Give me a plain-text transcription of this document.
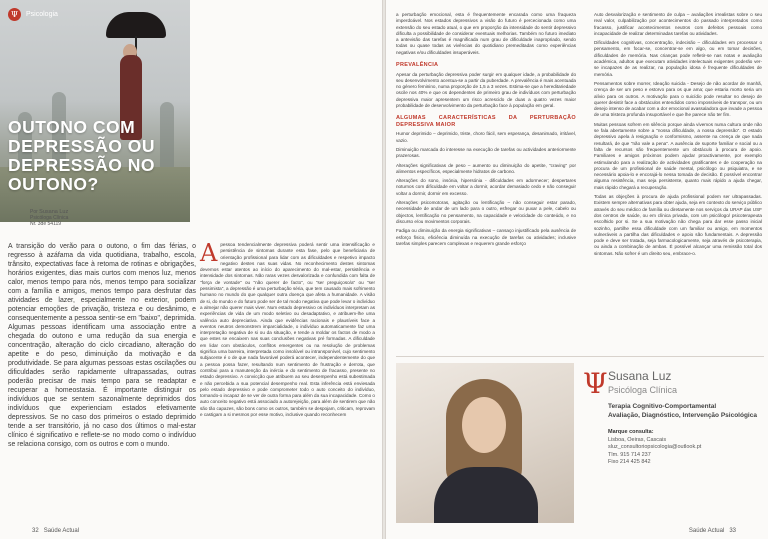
Ψ	Psicologia
OUTONO COM DEPRESSÃO OU DEPRESSÃO NO OUTONO?
Por Susana Luz
Psicóloga Clínica
Nr. 3de 54119
A transição do verão para o outono, o fim das férias, o regresso à azáfama da vida quotidiana, trabalho, escola, trânsito, expectativas face à retoma de rotinas e obrigações, horários exigentes, dias mais curtos com menos luz, menos calor, menos tempo para nós, menos tempo para socializar com a família e amigos, menos tempo para desfrutar das atividades de lazer, especialmente no exterior, podem potenciar emoções de privação, tristeza e ou desânimo, e consequentemente a pessoa sentir-se em "baixo", deprimida. Algumas pessoas identificam uma associação entre a chegada do outono e uma redução da sua energia e concentração, alteração do ciclo circadiano, alteração do apetite e do peso, diminuição da motivação e da produtividade. Se para algumas pessoas estas oscilações ou dificuldades serão rapidamente ultrapassadas, outras poderão precisar de mais tempo para se readaptar e recuperar a homeostasia. É importante distinguir os indivíduos que se sentem sazonalmente deprimidos dos indivíduos que experienciam estados efetivamente depressivos. Se no caso dos primeiros o estado deprimido tende a ser transitório, já no caso dos últimos o mal-estar clínico é significativo e reflete-se no modo como o indivíduo se relaciona consigo, com os outros e com o mundo.
A pessoa tendencialmente depressiva poderá sentir uma intensificação e persistência de sintomas durante esta fase, pelo que beneficiaria de orientação profissional para lidar com as dificuldades e respetivo impacto negativo destes nas suas vidas. No reconhecimento destes sintomas devemos estar atentos ao início do aparecimento do mal-estar, persistência e intensidade dos sintomas. Não raras vezes desvalorizada e confundida com falta de "força de vontade" ou "não querer de facto", ou "ser preguiçoso/a" ou "ser pessimista", a depressão é uma perturbação séria, que tem causado mais sofrimento humano no mundo do que qualquer outra doença que afeta a humanidade. A visão de si, do mundo e do futuro pode ser de tal modo negativa que pode levar o indivíduo a almejar não querer mais viver. Num estado depressivo os indivíduos interpretam as experiências de vida de um modo seletivo ou desadaptativo, e atribuem-lhe uma valência auto depreciativa. Ainda que evidências racionais e plausíveis face a eventos neutros demonstrem imparcialidade, o indivíduo automaticamente faz uma interpretação negativa de si ou da situação, e tende a moldar os factos de modo a que estes se encaixem nas suas conclusões negativas pré formadas. A dificuldade em lidar com obstáculos, conflitos emergentes ou na resolução de problemas significa uma barreira, interpretada como insolúvel ou intransponível, cujo sentimento subjacente é o de que nada favorável poderá acontecer, independentemente do que a pessoa possa fazer, resultando num sentimento de frustração e derrota, que contribui para a manutenção da inércia e do sentimento de fracasso, presente no estado depressivo. A convicção que atribuem ao seu desempenho está subestimada e não percebida a sua potencial desempenho real. Esta inferência está enviesada pelo estado depressivo e pode comprometer todo o auto conceito do indivíduo, tornando-o incapaz de se ver de outra forma para além da sua incapacidade. Como o auto conceito negativo está associado a autorejeição, para além de sentirem que não são tão capazes, são bons como os outros, também se despojam, criticam, reprovam e castigam a si mesmos por esse motivo, inclusive quando reconhecem
32 Saúde Actual

a perturbação emocional, esta é frequentemente encarada como uma fraqueza imperdoável. Nos estados depressivos a visão do futuro é percecionada como uma extensão do seu estado atual, o que em proporção da intensidade do sentir depressivo dificulta a possibilidade de considerar eventuais melhorias. Também no futuro imediato a antevisão das tarefas é magnificada num grau de dificuldade inapropriado, sendo todas ou quase todas as vivências do quotidiano premeditadas como experiências negativas e/ou dificuldades insuperáveis.

PREVALÊNCIA

Apesar da perturbação depressiva poder surgir em qualquer idade, a probabilidade do seu desenvolvimento acentua-se a partir da puberdade. A prevalência é mais acentuada no género feminino, numa proporção de 1,5 a 3 vezes. Estima-se que a hereditariedade oscile nos 40% e que os dependentes de primeiro grau de indivíduos com perturbação depressiva maior apresentem um risco acrescido de duas a quatro vezes maior probabilidade de desenvolvimento da perturbação face à população em geral.

ALGUMAS CARACTERÍSTICAS DA PERTURBAÇÃO DEPRESSIVA MAIOR

Humor deprimido – deprimido, triste, choro fácil, sem esperança, desanimado, irritável, vazio.

Diminuição marcada do interesse na execução de tarefas ou actividades anteriormente prazerosas.

Alterações significativas de peso – aumento ou diminuição do apetite, "craving" por alimentos específicos, especialmente hidratos de carbono.

Alterações do sono, insónia, hipersónia - dificuldades em adormecer; despertares noturnos com dificuldade em voltar a dormir, acordar demasiado cedo e não conseguir voltar a dormir, dormir em excesso.

Alterações psicomotoras, agitação ou lentificação – não conseguir estar parado, necessidade de andar de um lado para o outro, esfregar ou puxar a pele, cabelo ou objectos, lentificação no pensamento, na capacidade e velocidade do conteúdo, e no discurso e/ou movimentos corporais.

Fadiga ou diminuição da energia significativas – cansaço injustificado pela ausência de esforço físico, eficiência diminuída na execução de tarefas ou atividades; inclusive tarefas simples parecem complexas e requerem grande esforço

Auto desvalorização e sentimento de culpa – avaliações irrealistas sobre o seu real valor, culpabilização por acontecimentos do passado interpretados como fracasso, justificar acontecimentos neutros com defeitos pessoais como incapacidade de realizar determinadas tarefas ou atividades.

Dificuldades cognitivas, concentração, indecisão – dificuldades em processar o pensamento, em focar-se, concentrar-se em algo, ou em tomar decisões, dificuldades de memória. Nas crianças pode refletir-se nas notas e avaliação académica, adultos que executam atividades intelectuais exigentes poderão ver-se incapazes de as realizar, na população idosa é frequente dificuldades de memória.

Pensamentos sobre morrer, Ideação suicida - Desejo de não acordar de manhã, crença de ser um peso e estorvo para os que ama; que estaria morto seria um alívio para os outros. A motivação para o suicídio pode resultar no desejo de querer desistir face a obstáculos entendidos como impossíveis de transpor, ou um desejo intenso de acabar com a dor emocional avassaladora que invade a pessoa de uma tristeza profunda insuportável e que lhe parece não ter fim.

Muitas pessoas sofrem em silêncio porque ainda vivemos numa cultura onde não se fala abertamente sobre a "nossa dificuldade, a nossa depressão". O estado depressivo apela à resignação e conformismo, assente na crença de que nada resultará, de que "não vale a pena". A ausência de suporte familiar e social ou a falta de recursos são frequentemente um obstáculo à procura de apoio. Familiares e amigos próximos podem ajudar proactivamente, por exemplo estimulando para a realização de actividades gratificantes e de cooperação na procura de um profissional de saúde mental, psicólogo ou psiquiatra, e se necessário apoia-lo e encorajá-lo nessa tomada de decisão. É possível encontrar alguma resistência, mas seja persistente, quanto mais rápido a ajuda chegar, mais rápido chegará a recuperação.

Todas as objeções à procura de ajuda profissional podem ser ultrapassadas. Existem sempre alternativas para obter ajuda, seja em contexto do serviço público através do seu médico de família ou diretamente nos serviços da URAP das USF dos centros de saúde, ou em clínica privada, com um psicólogo/ psicoterapeuta escolhido por si. Se a sua motivação não chega para dar esse passo inicial sozinho, partilhe essa dificuldade com um familiar ou amigo, em momentos vulneráveis a partilha das dificuldades e apoio são fundamentais. A depressão pode e deve ser tratada, seja farmacologicamente, seja através de psicoterapia, ou ainda a combinação de ambas. É possível alcançar uma remissão total dos sintomas. Não sofrer é um direito seu, embrace-o.

Ψ Susana Luz
Psicóloga Clínica
Terapia Cognitivo-Comportamental
Avaliação, Diagnóstico, Intervenção Psicológica
Marque consulta:
Lisboa, Oeiras, Cascais
sluz_consultoriopsicologia@outlook.pt
Tlm. 915 714 237
Fixo 214 425 842
Saúde Actual 33
